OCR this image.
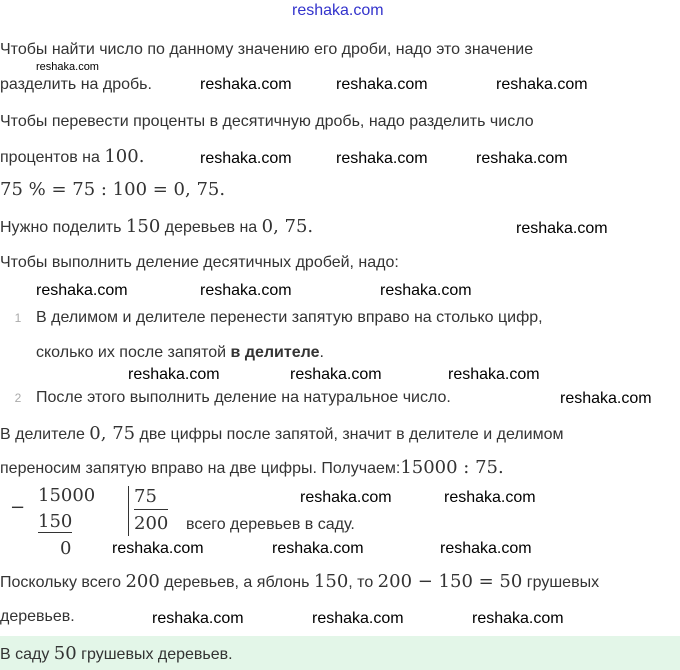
reshaka.com
Чтобы найти число по данному значению его дроби, надо это значение
разделить на дробь.
Чтобы перевести проценты в десятичную дробь, надо разделить число
процентов на 100.
75 % = 75 : 100 = 0, 75.
Нужно поделить 150 деревьев на 0, 75.
Чтобы выполнить деление десятичных дробей, надо:
1 В делимом и делителе перенести запятую вправо на столько цифр,
сколько их после запятой в делителе.
2 После этого выполнить деление на натуральное число.
В делителе 0, 75 две цифры после запятой, значит в делителе и делимом
переносим запятую вправо на две цифры. Получаем:15000 : 75.
−
15000
150
0
75
200 всего деревьев в саду.
Поскольку всего 200 деревьев, а яблонь 150, то 200 − 150 = 50 грушевых
деревьев.
В саду 50 грушевых деревьев.
reshaka.com
reshaka.com	reshaka.com	reshaka.com
reshaka.com	reshaka.com	reshaka.com
reshaka.com	reshaka.com
reshaka.com
reshaka.com
reshaka.com
reshaka.com
reshaka.com
reshaka.com
reshaka.com
reshaka.com
reshaka.com
reshaka.com	reshaka.com
reshaka.com
reshaka.com	reshaka.com
